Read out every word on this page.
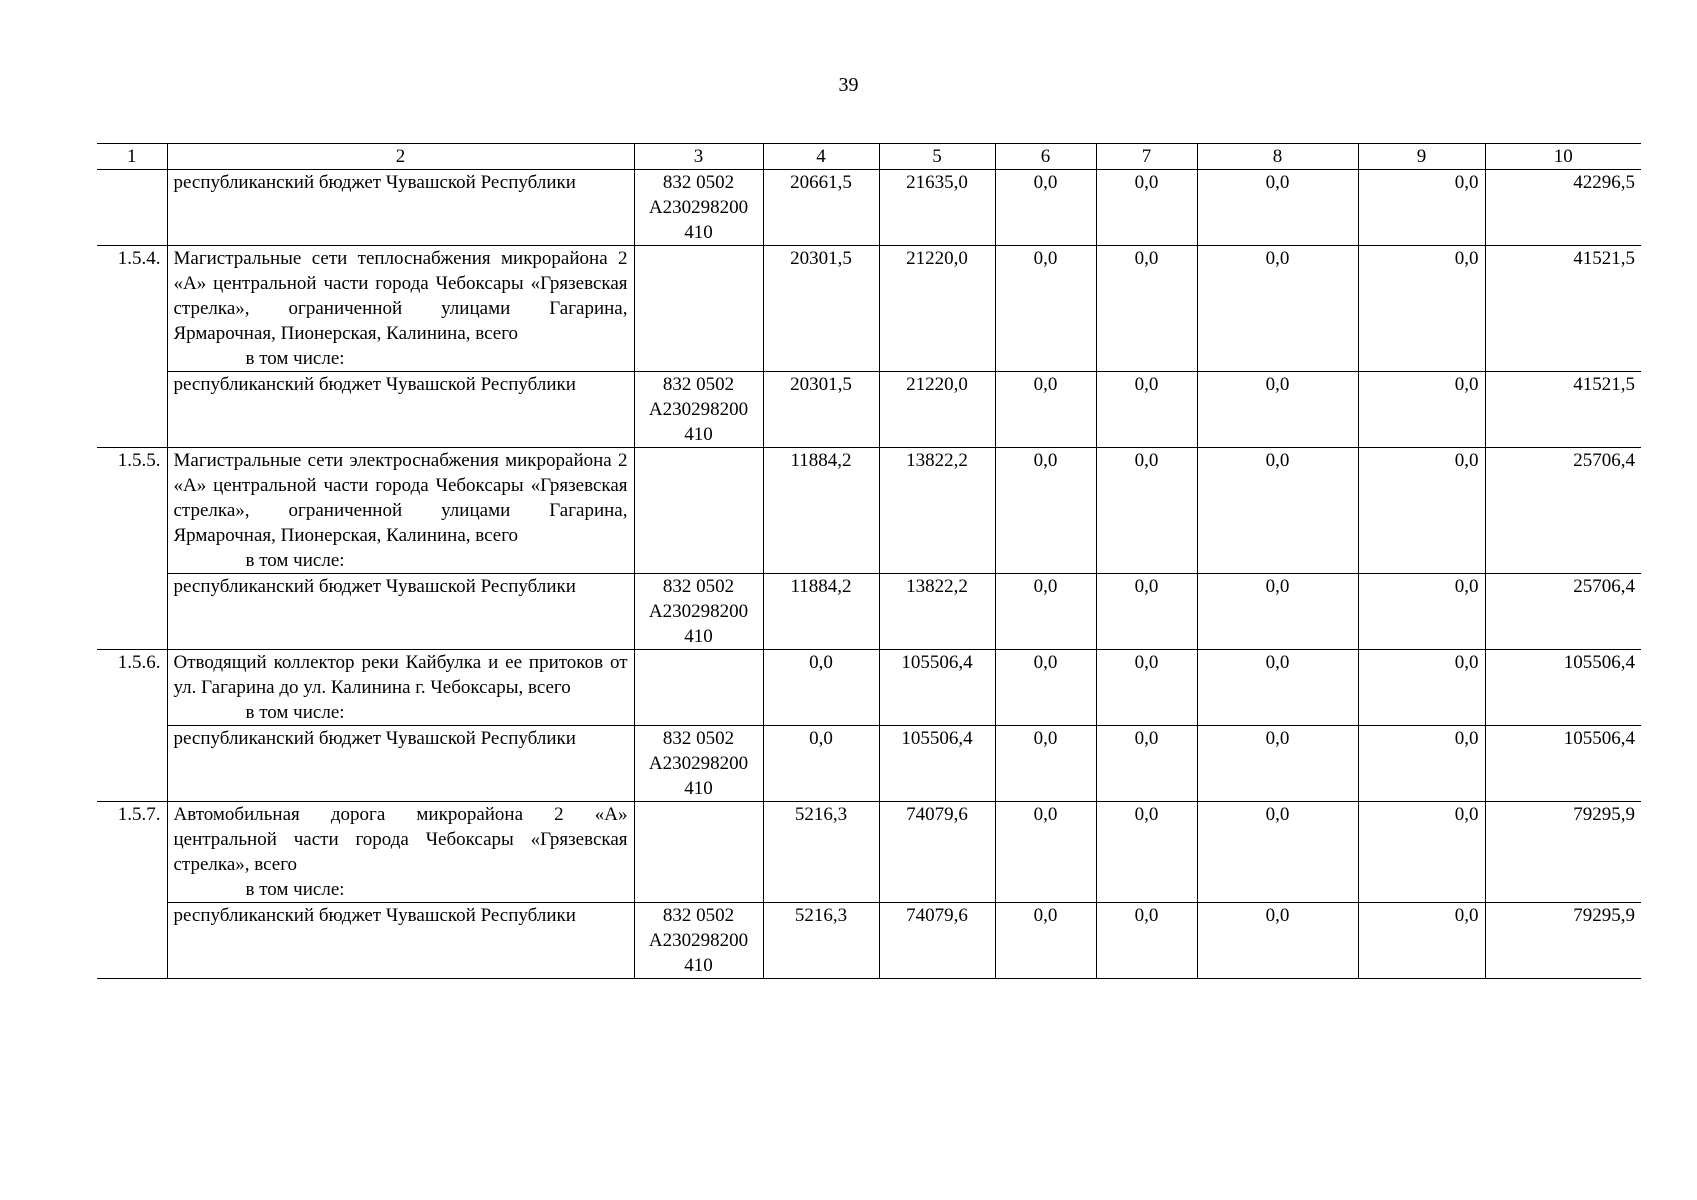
39
1	2	3	4	5	6	7	8	9	10
	республиканский бюджет Чувашской Республики	832 0502
А230298200
410	20661,5	21635,0	0,0	0,0	0,0	0,0	42296,5
1.5.4.	Магистральные сети теплоснабжения микрорайона 2 «А» центральной части города Чебоксары «Грязевская стрелка», ограниченной улицами Гагарина, Ярмарочная, Пионерская, Калинина, всего
в том числе:		20301,5	21220,0	0,0	0,0	0,0	0,0	41521,5
	республиканский бюджет Чувашской Республики	832 0502
А230298200
410	20301,5	21220,0	0,0	0,0	0,0	0,0	41521,5
1.5.5.	Магистральные сети электроснабжения микрорайона 2 «А» центральной части города Чебоксары «Грязевская стрелка», ограниченной улицами Гагарина, Ярмарочная, Пионерская, Калинина, всего
в том числе:		11884,2	13822,2	0,0	0,0	0,0	0,0	25706,4
	республиканский бюджет Чувашской Республики	832 0502
А230298200
410	11884,2	13822,2	0,0	0,0	0,0	0,0	25706,4
1.5.6.	Отводящий коллектор реки Кайбулка и ее притоков от ул. Гагарина до ул. Калинина г. Чебоксары, всего
в том числе:		0,0	105506,4	0,0	0,0	0,0	0,0	105506,4
	республиканский бюджет Чувашской Республики	832 0502
А230298200
410	0,0	105506,4	0,0	0,0	0,0	0,0	105506,4
1.5.7.	Автомобильная дорога микрорайона 2 «А» центральной части города Чебоксары «Грязевская стрелка», всего
в том числе:		5216,3	74079,6	0,0	0,0	0,0	0,0	79295,9
	республиканский бюджет Чувашской Республики	832 0502
А230298200
410	5216,3	74079,6	0,0	0,0	0,0	0,0	79295,9
